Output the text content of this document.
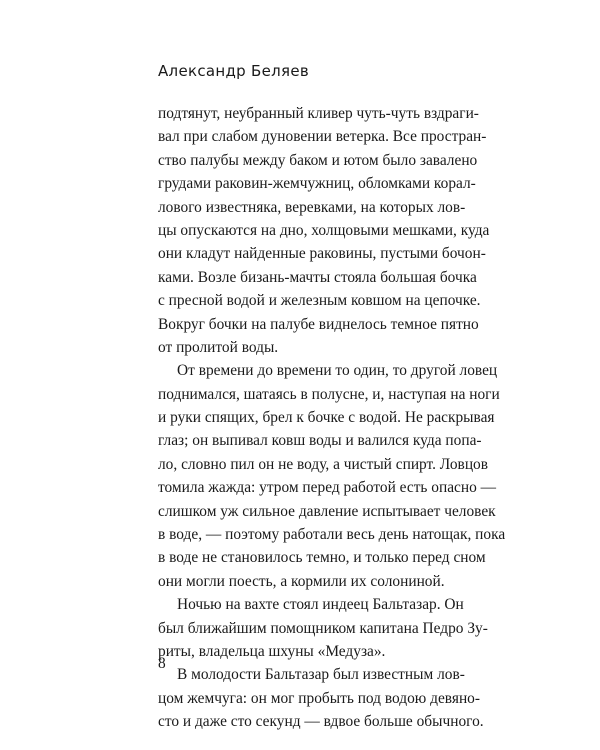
Александр Беляев
подтянут, неубранный кливер чуть-чуть вздраги-
вал при слабом дуновении ветерка. Все простран-
ство палубы между баком и ютом было завалено
грудами раковин-жемчужниц, обломками корал-
лового известняка, веревками, на которых лов-
цы опускаются на дно, холщовыми мешками, куда
они кладут найденные раковины, пустыми бочон-
ками. Возле бизань-мачты стояла большая бочка
с пресной водой и железным ковшом на цепочке.
Вокруг бочки на палубе виднелось темное пятно
от пролитой воды.
От времени до времени то один, то другой ловец
поднимался, шатаясь в полусне, и, наступая на ноги
и руки спящих, брел к бочке с водой. Не раскрывая
глаз; он выпивал ковш воды и валился куда попа-
ло, словно пил он не воду, а чистый спирт. Ловцов
томила жажда: утром перед работой есть опасно —
слишком уж сильное давление испытывает человек
в воде, — поэтому работали весь день натощак, пока
в воде не становилось темно, и только перед сном
они могли поесть, а кормили их солониной.
Ночью на вахте стоял индеец Бальтазар. Он
был ближайшим помощником капитана Педро Зу-
риты, владельца шхуны «Медуза».
В молодости Бальтазар был известным лов-
цом жемчуга: он мог пробыть под водою девяно-
сто и даже сто секунд — вдвое больше обычного.
8
